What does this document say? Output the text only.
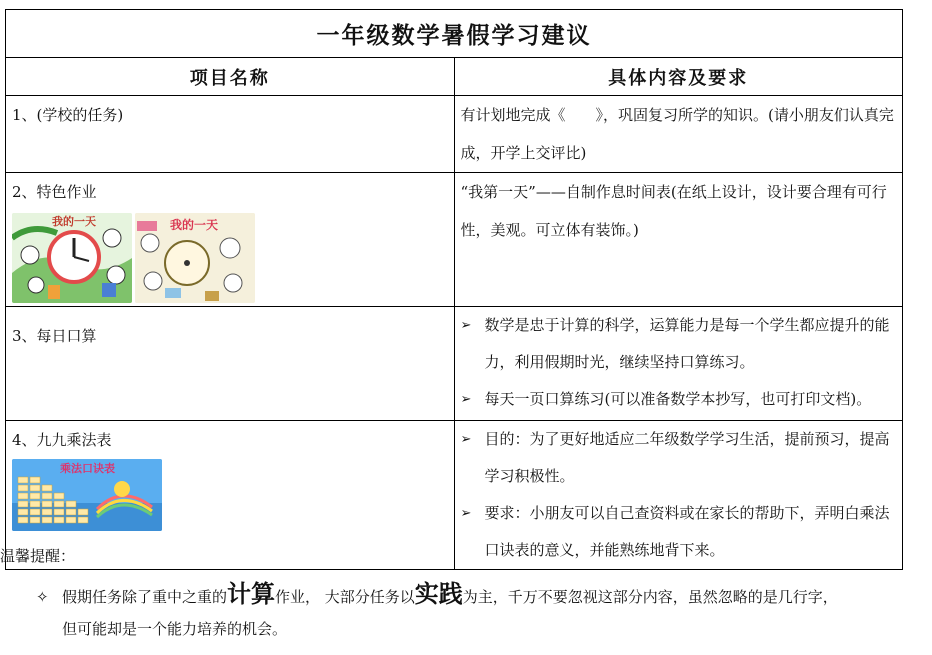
一年级数学暑假学习建议	
项目名称	具体内容及要求

1、(学校的任务)	有计划地完成《　　》，巩固复习所学的知识。(请小朋友们认真完成，开学上交评比)

2、特色作业	“我第一天”——自制作息时间表(在纸上设计，设计要合理有可行性，美观。可立体有装饰。)

3、每日口算	➢ 数学是忠于计算的科学，运算能力是每一个学生都应提升的能力，利用假期时光，继续坚持口算练习。
➢ 每天一页口算练习(可以准备数学本抄写，也可打印文档)。

4、九九乘法表	➢ 目的：为了更好地适应二年级数学学习生活，提前预习，提高学习积极性。
➢ 要求：小朋友可以自己查资料或在家长的帮助下，弄明白乘法口诀表的意义，并能熟练地背下来。
我的一天	我的一天
乘法口诀表
温馨提醒：
✧ 假期任务除了重中之重的计算作业， 大部分任务以实践为主，千万不要忽视这部分内容，虽然忽略的是几行字，
但可能却是一个能力培养的机会。
